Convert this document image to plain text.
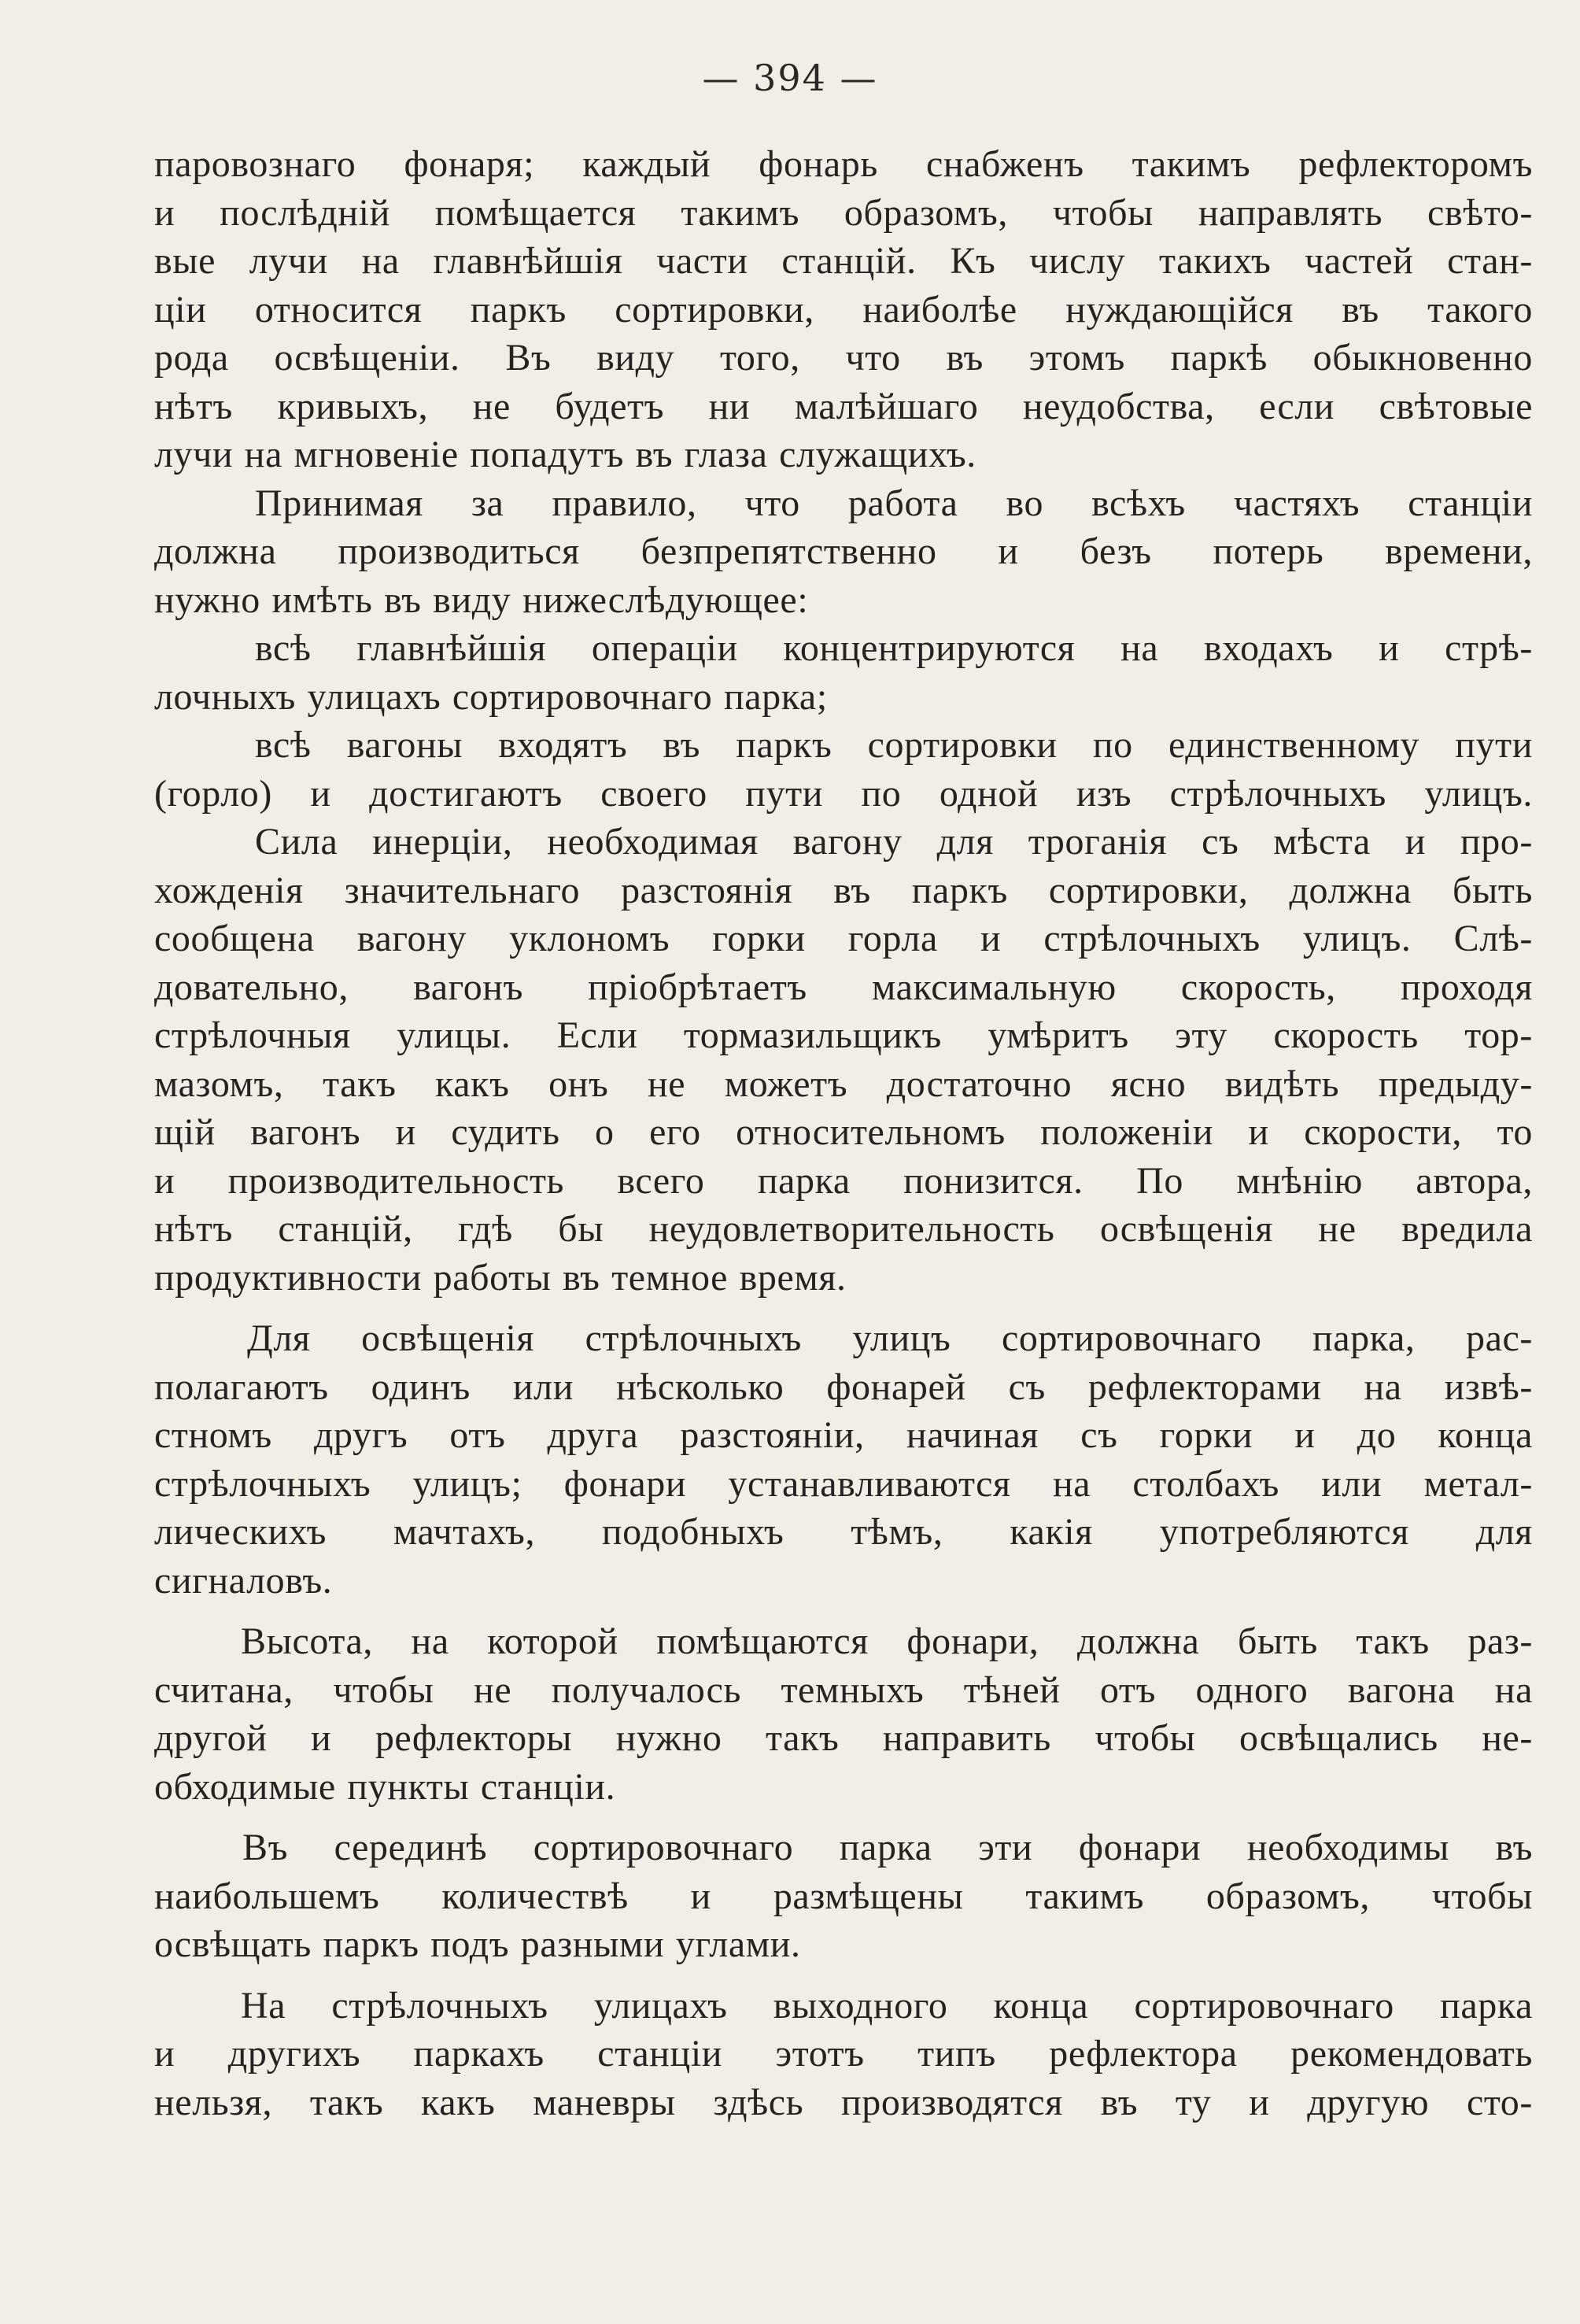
— 394 —
паровознаго фонаря; каждый фонарь снабженъ такимъ рефлекторомъ
и послѣдній помѣщается такимъ образомъ, чтобы направлять свѣто-
вые лучи на главнѣйшія части станцій. Къ числу такихъ частей стан-
ціи относится паркъ сортировки, наиболѣе нуждающійся въ такого
рода освѣщеніи. Въ виду того, что въ этомъ паркѣ обыкновенно
нѣтъ кривыхъ, не будетъ ни малѣйшаго неудобства, если свѣтовые
лучи на мгновеніе попадутъ въ глаза служащихъ.
Принимая за правило, что работа во всѣхъ частяхъ станціи
должна производиться безпрепятственно и безъ потерь времени,
нужно имѣть въ виду нижеслѣдующее:
всѣ главнѣйшія операціи концентрируются на входахъ и стрѣ-
лочныхъ улицахъ сортировочнаго парка;
всѣ вагоны входятъ въ паркъ сортировки по единственному пути
(горло) и достигаютъ своего пути по одной изъ стрѣлочныхъ улицъ.
Сила инерціи, необходимая вагону для троганія съ мѣста и про-
хожденія значительнаго разстоянія въ паркъ сортировки, должна быть
сообщена вагону уклономъ горки горла и стрѣлочныхъ улицъ. Слѣ-
довательно, вагонъ пріобрѣтаетъ максимальную скорость, проходя
стрѣлочныя улицы. Если тормазильщикъ умѣритъ эту скорость тор-
мазомъ, такъ какъ онъ не можетъ достаточно ясно видѣть предыду-
щій вагонъ и судить о его относительномъ положеніи и скорости, то
и производительность всего парка понизится. По мнѣнію автора,
нѣтъ станцій, гдѣ бы неудовлетворительность освѣщенія не вредила
продуктивности работы въ темное время.
Для освѣщенія стрѣлочныхъ улицъ сортировочнаго парка, рас-
полагаютъ одинъ или нѣсколько фонарей съ рефлекторами на извѣ-
стномъ другъ отъ друга разстояніи, начиная съ горки и до конца
стрѣлочныхъ улицъ; фонари устанавливаются на столбахъ или метал-
лическихъ мачтахъ, подобныхъ тѣмъ, какія употребляются для
сигналовъ.
Высота, на которой помѣщаются фонари, должна быть такъ раз-
считана, чтобы не получалось темныхъ тѣней отъ одного вагона на
другой и рефлекторы нужно такъ направить чтобы освѣщались не-
обходимые пункты станціи.
Въ серединѣ сортировочнаго парка эти фонари необходимы въ
наибольшемъ количествѣ и размѣщены такимъ образомъ, чтобы
освѣщать паркъ подъ разными углами.
На стрѣлочныхъ улицахъ выходного конца сортировочнаго парка
и другихъ паркахъ станціи этотъ типъ рефлектора рекомендовать
нельзя, такъ какъ маневры здѣсь производятся въ ту и другую сто-
